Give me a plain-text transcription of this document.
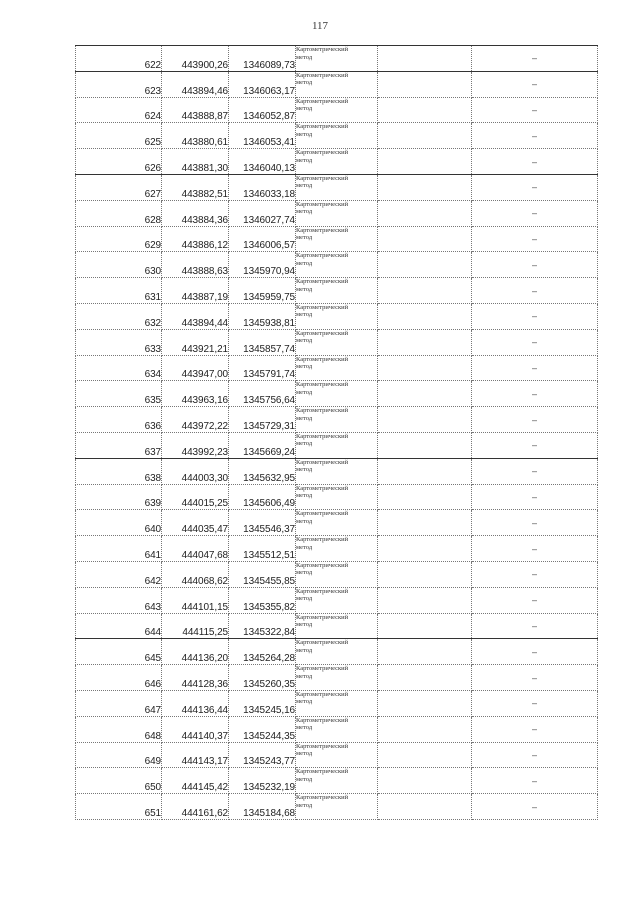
117
622	443900,26	1346089,73	Картометрический
метод		–
623	443894,46	1346063,17	Картометрический
метод		–
624	443888,87	1346052,87	Картометрический
метод		–
625	443880,61	1346053,41	Картометрический
метод		–
626	443881,30	1346040,13	Картометрический
метод		–
627	443882,51	1346033,18	Картометрический
метод		–
628	443884,36	1346027,74	Картометрический
метод		–
629	443886,12	1346006,57	Картометрический
метод		–
630	443888,63	1345970,94	Картометрический
метод		–
631	443887,19	1345959,75	Картометрический
метод		–
632	443894,44	1345938,81	Картометрический
метод		–
633	443921,21	1345857,74	Картометрический
метод		–
634	443947,00	1345791,74	Картометрический
метод		–
635	443963,16	1345756,64	Картометрический
метод		–
636	443972,22	1345729,31	Картометрический
метод		–
637	443992,23	1345669,24	Картометрический
метод		–
638	444003,30	1345632,95	Картометрический
метод		–
639	444015,25	1345606,49	Картометрический
метод		–
640	444035,47	1345546,37	Картометрический
метод		–
641	444047,68	1345512,51	Картометрический
метод		–
642	444068,62	1345455,85	Картометрический
метод		–
643	444101,15	1345355,82	Картометрический
метод		–
644	444115,25	1345322,84	Картометрический
метод		–
645	444136,20	1345264,28	Картометрический
метод		–
646	444128,36	1345260,35	Картометрический
метод		–
647	444136,44	1345245,16	Картометрический
метод		–
648	444140,37	1345244,35	Картометрический
метод		–
649	444143,17	1345243,77	Картометрический
метод		–
650	444145,42	1345232,19	Картометрический
метод		–
651	444161,62	1345184,68	Картометрический
метод		–
